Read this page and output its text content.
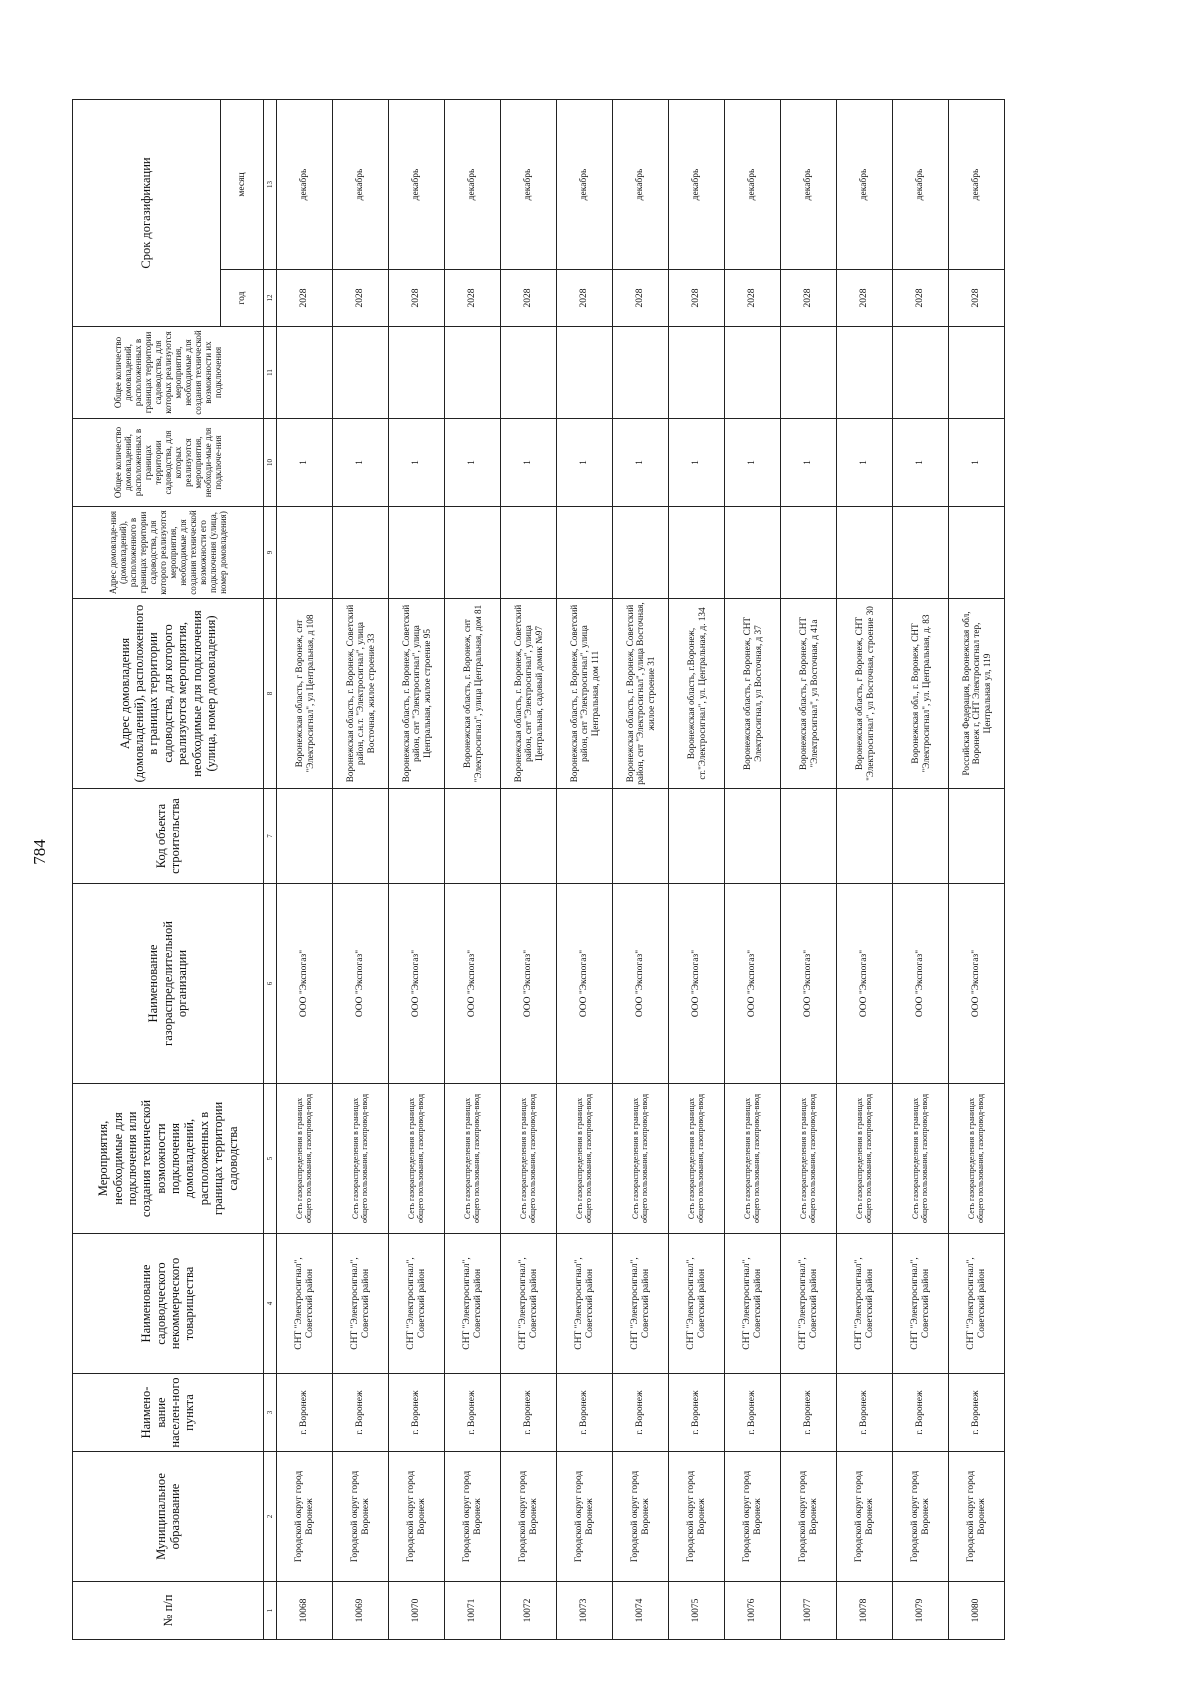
784
№ п/п	Муниципальное образование	Наимено-вание населен-ного пункта	Наименование садоводческого некоммерческого товарищества	Мероприятия, необходимые для подключения или создания технической возможности подключения домовладений, расположенных в границах территории садоводства	Наименование газораспределительной организации	Код объекта строительства	Адрес домовладения (домовладений), расположенного в границах территории садоводства, для которого реализуются мероприятия, необходимые для подключения (улица, номер домовладения)	Адрес домовладе-ния (домовладений), расположенного в границах территории садоводства, для которого реализуются мероприятия, необходимые для создания технической возможности его подключения (улица, номер домовладения)	Общее количество домовладений, расположенных в границах территории садоводства, для которых реализуются мероприятия, необходи-мые для подключе-ния	Общее количество домовладений, расположенных в границах территории садоводства, для которых реализуются мероприятия, необходимые для создания технической возможности их подключения	Срок догазификации	
											год	месяц
1	2	3	4	5	6	7	8	9	10	11	12	13
10068	Городской округ город Воронеж	г. Воронеж	СНТ "Электросигнал", Советский район	Сеть газораспределения в границах общего пользования, газопровод-ввод	ООО "Экспогаз"		Воронежская область, г Воронеж, снт "Электросигнал", ул Центральная, д 108		1		2028	декабрь
10069	Городской округ город Воронеж	г. Воронеж	СНТ "Электросигнал", Советский район	Сеть газораспределения в границах общего пользования, газопровод-ввод	ООО "Экспогаз"		Воронежская область, г. Воронеж, Советский район, с.н.т. "Электросигнал", улица Восточная, жилое строение 33		1		2028	декабрь
10070	Городской округ город Воронеж	г. Воронеж	СНТ "Электросигнал", Советский район	Сеть газораспределения в границах общего пользования, газопровод-ввод	ООО "Экспогаз"		Воронежская область, г. Воронеж, Советский район, снт "Электросигнал", улица Центральная, жилое строение 95		1		2028	декабрь
10071	Городской округ город Воронеж	г. Воронеж	СНТ "Электросигнал", Советский район	Сеть газораспределения в границах общего пользования, газопровод-ввод	ООО "Экспогаз"		Воронежская область, г. Воронеж, снт "Электросигнал", улица Центральная, дом 81		1		2028	декабрь
10072	Городской округ город Воронеж	г. Воронеж	СНТ "Электросигнал", Советский район	Сеть газораспределения в границах общего пользования, газопровод-ввод	ООО "Экспогаз"		Воронежская область, г. Воронеж, Советский район, снт "Электросигнал", улица Центральная, садовый домик №97		1		2028	декабрь
10073	Городской округ город Воронеж	г. Воронеж	СНТ "Электросигнал", Советский район	Сеть газораспределения в границах общего пользования, газопровод-ввод	ООО "Экспогаз"		Воронежская область, г. Воронеж, Советский район, снт "Электросигнал", улица Центральная, дом 111		1		2028	декабрь
10074	Городской округ город Воронеж	г. Воронеж	СНТ "Электросигнал", Советский район	Сеть газораспределения в границах общего пользования, газопровод-ввод	ООО "Экспогаз"		Воронежская область, г. Воронеж, Советский район, снт "Электросигнал", улица Восточная, жилое строение 31		1		2028	декабрь
10075	Городской округ город Воронеж	г. Воронеж	СНТ "Электросигнал", Советский район	Сеть газораспределения в границах общего пользования, газопровод-ввод	ООО "Экспогаз"		Воронежская область, г.Воронеж, ст."Электросигнал", ул. Центральная, д. 134		1		2028	декабрь
10076	Городской округ город Воронеж	г. Воронеж	СНТ "Электросигнал", Советский район	Сеть газораспределения в границах общего пользования, газопровод-ввод	ООО "Экспогаз"		Воронежская область, г Воронеж, СНТ Электросигнал, ул Восточная, д 37		1		2028	декабрь
10077	Городской округ город Воронеж	г. Воронеж	СНТ "Электросигнал", Советский район	Сеть газораспределения в границах общего пользования, газопровод-ввод	ООО "Экспогаз"		Воронежская область, г Воронеж, СНТ "Электросигнал", ул Восточная, д 41а		1		2028	декабрь
10078	Городской округ город Воронеж	г. Воронеж	СНТ "Электросигнал", Советский район	Сеть газораспределения в границах общего пользования, газопровод-ввод	ООО "Экспогаз"		Воронежская область, г Воронеж, СНТ "Электросигнал", ул Восточная, строение 30		1		2028	декабрь
10079	Городской округ город Воронеж	г. Воронеж	СНТ "Электросигнал", Советский район	Сеть газораспределения в границах общего пользования, газопровод-ввод	ООО "Экспогаз"		Воронежская обл., г. Воронеж, СНТ "Электросигнал", ул. Центральная, д. 83		1		2028	декабрь
10080	Городской округ город Воронеж	г. Воронеж	СНТ "Электросигнал", Советский район	Сеть газораспределения в границах общего пользования, газопровод-ввод	ООО "Экспогаз"		Российская Федерация, Воронежская обл, Воронеж г, СНТ Электросигнал тер, Центральная ул, 119		1		2028	декабрь
